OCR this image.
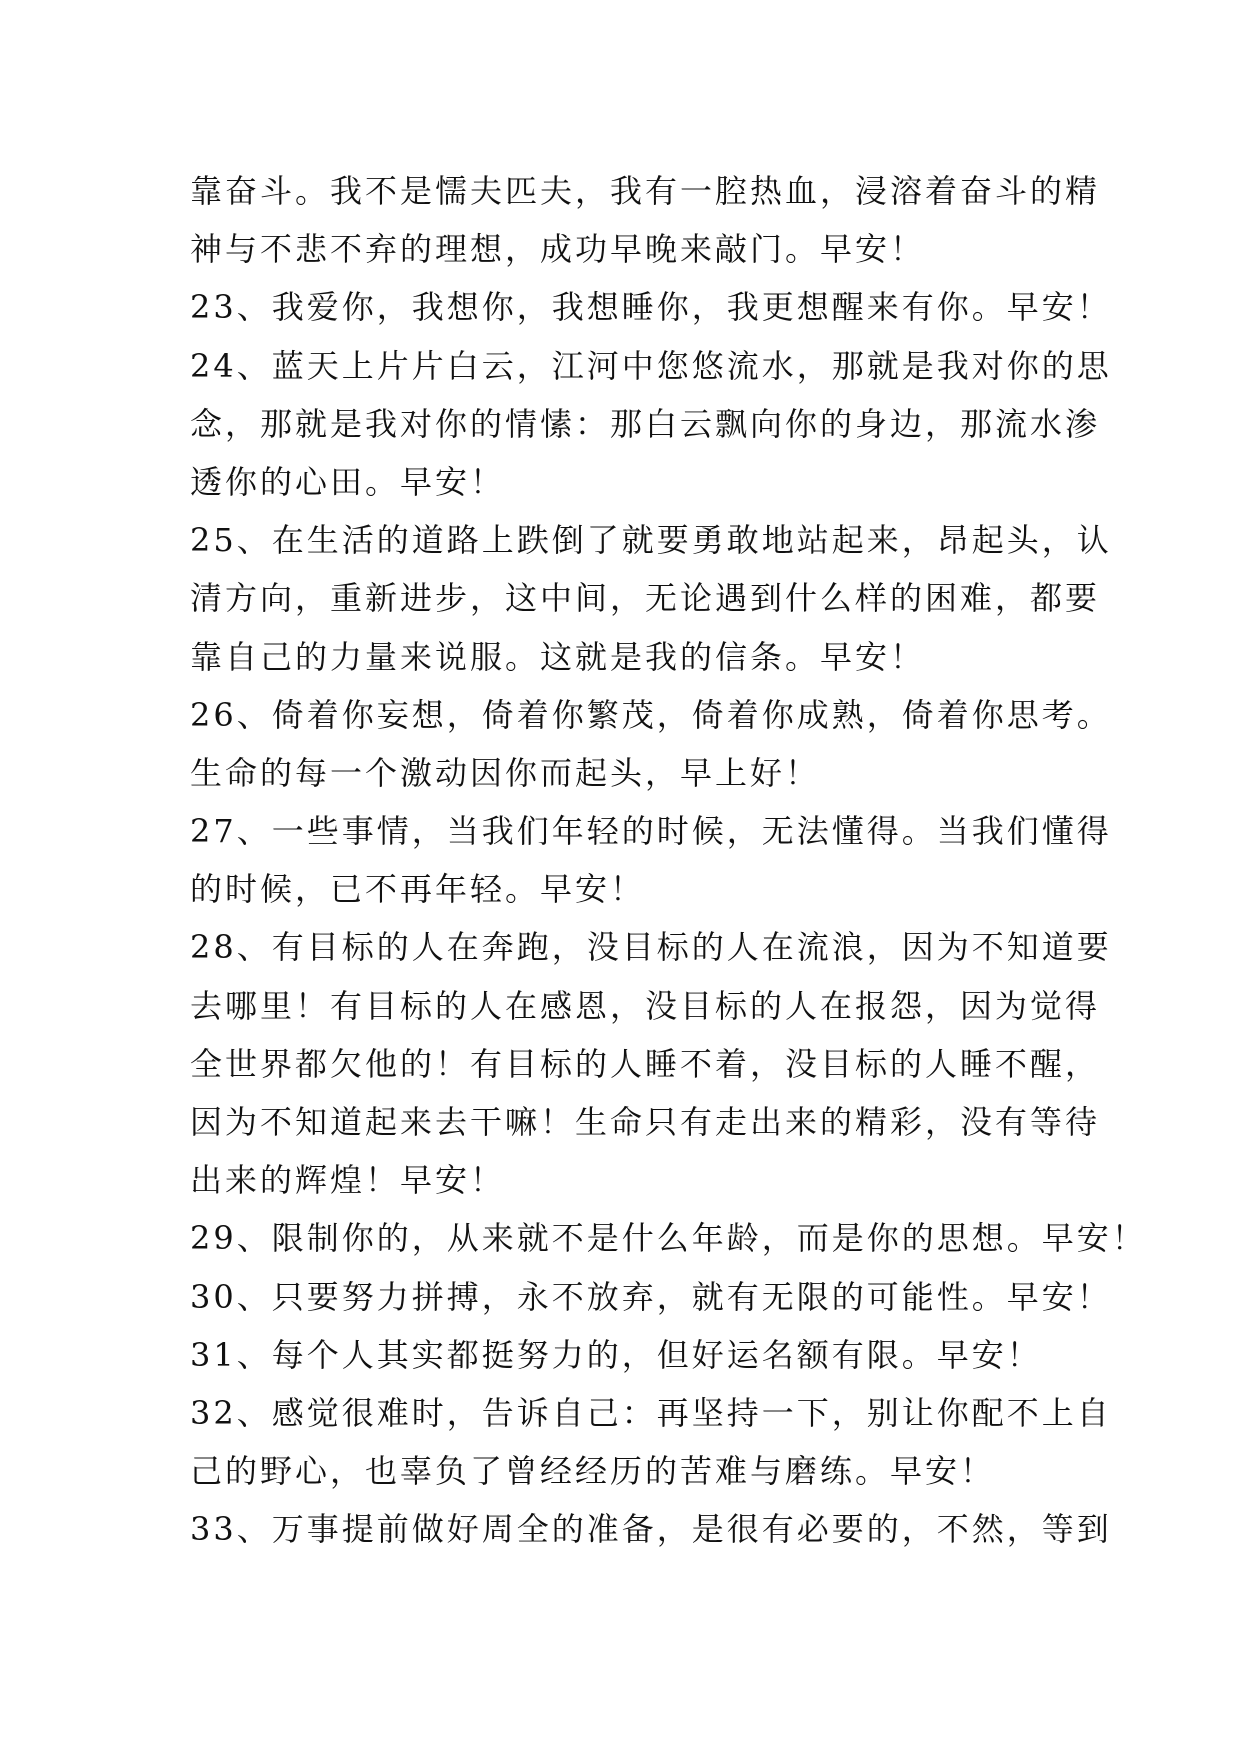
靠奋斗。我不是懦夫匹夫，我有一腔热血，浸溶着奋斗的精
神与不悲不弃的理想，成功早晚来敲门。早安！
23、我爱你，我想你，我想睡你，我更想醒来有你。早安！
24、蓝天上片片白云，江河中您悠流水，那就是我对你的思
念，那就是我对你的情愫：那白云飘向你的身边，那流水渗
透你的心田。早安！
25、在生活的道路上跌倒了就要勇敢地站起来，昂起头，认
清方向，重新进步，这中间，无论遇到什么样的困难，都要
靠自己的力量来说服。这就是我的信条。早安！
26、倚着你妄想，倚着你繁茂，倚着你成熟，倚着你思考。
生命的每一个激动因你而起头，早上好！
27、一些事情，当我们年轻的时候，无法懂得。当我们懂得
的时候，已不再年轻。早安！
28、有目标的人在奔跑，没目标的人在流浪，因为不知道要
去哪里！有目标的人在感恩，没目标的人在报怨，因为觉得
全世界都欠他的！有目标的人睡不着，没目标的人睡不醒，
因为不知道起来去干嘛！生命只有走出来的精彩，没有等待
出来的辉煌！早安！
29、限制你的，从来就不是什么年龄，而是你的思想。早安！
30、只要努力拼搏，永不放弃，就有无限的可能性。早安！
31、每个人其实都挺努力的，但好运名额有限。早安！
32、感觉很难时，告诉自己：再坚持一下，别让你配不上自
己的野心，也辜负了曾经经历的苦难与磨练。早安！
33、万事提前做好周全的准备，是很有必要的，不然，等到
